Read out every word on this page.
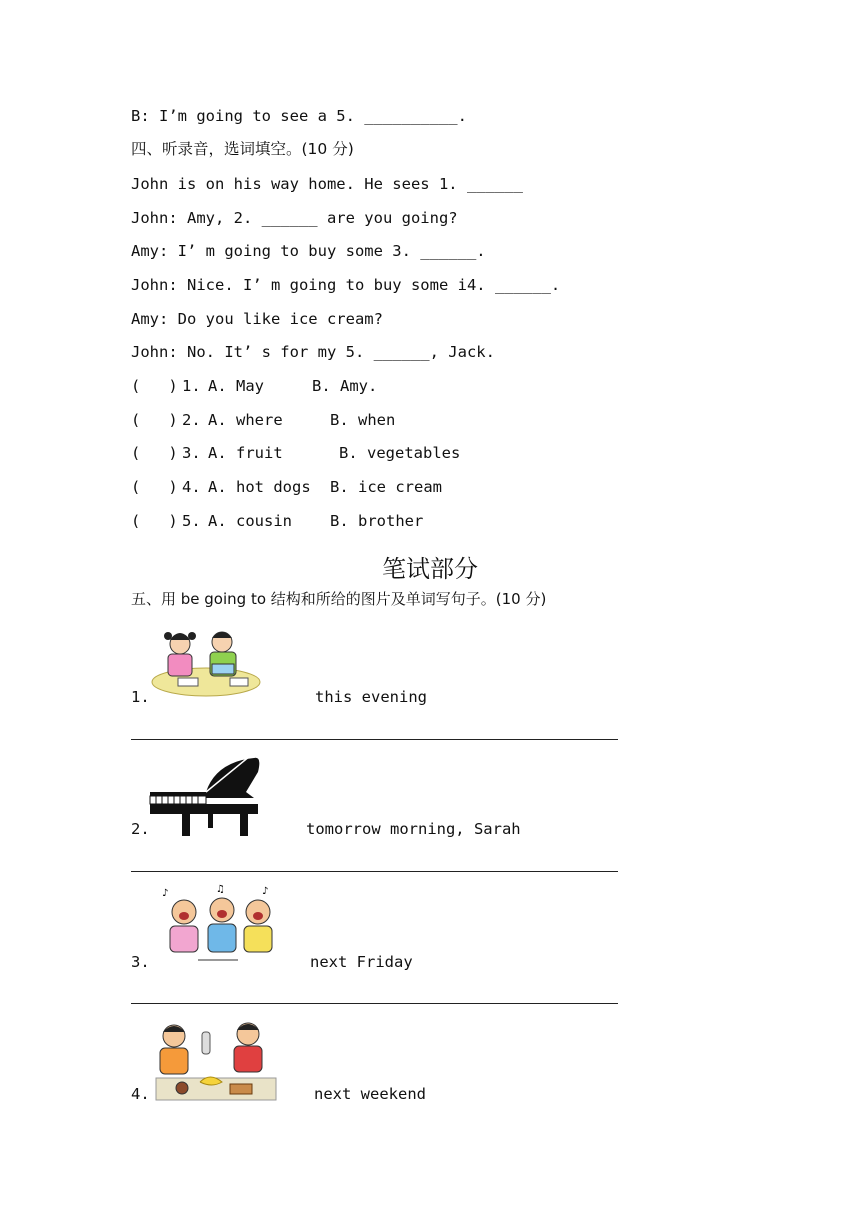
B: I’m going to see a 5. __________.
四、听录音，选词填空。(10 分)
John is on his way home. He sees 1. ______
John: Amy, 2. ______ are you going?
Amy: I’ m going to buy some 3. ______.
John: Nice. I’ m going to buy some i4. ______.
Amy: Do you like ice cream?
John: No. It’ s for my 5. ______, Jack.
(   ) 1. A. May	B. Amy.
(   ) 2. A. where	B. when
(   ) 3. A. fruit	B. vegetables
(   ) 4. A. hot dogs B. ice cream
(   ) 5. A. cousin B. brother
笔试部分
五、用 be going to 结构和所给的图片及单词写句子。(10 分)
1.	this evening
2.	tomorrow morning, Sarah
♪	♫	♪
3.	next Friday
4.	next weekend
